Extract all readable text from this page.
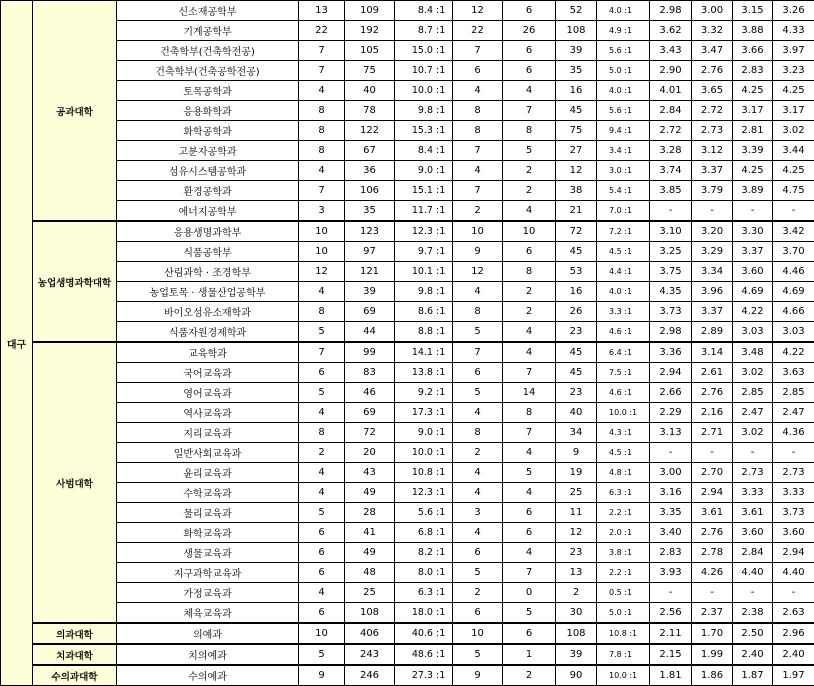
대구	공과대학	신소재공학부	13	109	8.4 :1	12	6	52	4.0 :1	2.98	3.00	3.15	3.26
		기계공학부	22	192	8.7 :1	22	26	108	4.9 :1	3.62	3.32	3.88	4.33
		건축학부(건축학전공)	7	105	15.0 :1	7	6	39	5.6 :1	3.43	3.47	3.66	3.97
		건축학부(건축공학전공)	7	75	10.7 :1	6	6	35	5.0 :1	2.90	2.76	2.83	3.23
		토목공학과	4	40	10.0 :1	4	4	16	4.0 :1	4.01	3.65	4.25	4.25
		응용화학과	8	78	9.8 :1	8	7	45	5.6 :1	2.84	2.72	3.17	3.17
		화학공학과	8	122	15.3 :1	8	8	75	9.4 :1	2.72	2.73	2.81	3.02
		고분자공학과	8	67	8.4 :1	7	5	27	3.4 :1	3.28	3.12	3.39	3.44
		섬유시스템공학과	4	36	9.0 :1	4	2	12	3.0 :1	3.74	3.37	4.25	4.25
		환경공학과	7	106	15.1 :1	7	2	38	5.4 :1	3.85	3.79	3.89	4.75
		에너지공학부	3	35	11.7 :1	2	4	21	7.0 :1	-	-	-	-
	농업생명과학대학	응용생명과학부	10	123	12.3 :1	10	10	72	7.2 :1	3.10	3.20	3.30	3.42
		식품공학부	10	97	9.7 :1	9	6	45	4.5 :1	3.25	3.29	3.37	3.70
		산림과학 · 조경학부	12	121	10.1 :1	12	8	53	4.4 :1	3.75	3.34	3.60	4.46
		농업토목 · 생물산업공학부	4	39	9.8 :1	4	2	16	4.0 :1	4.35	3.96	4.69	4.69
		바이오섬유소재학과	8	69	8.6 :1	8	2	26	3.3 :1	3.73	3.37	4.22	4.66
		식품자원경제학과	5	44	8.8 :1	5	4	23	4.6 :1	2.98	2.89	3.03	3.03
	사범대학	교육학과	7	99	14.1 :1	7	4	45	6.4 :1	3.36	3.14	3.48	4.22
		국어교육과	6	83	13.8 :1	6	7	45	7.5 :1	2.94	2.61	3.02	3.63
		영어교육과	5	46	9.2 :1	5	14	23	4.6 :1	2.66	2.76	2.85	2.85
		역사교육과	4	69	17.3 :1	4	8	40	10.0 :1	2.29	2.16	2.47	2.47
		지리교육과	8	72	9.0 :1	8	7	34	4.3 :1	3.13	2.71	3.02	4.36
		일반사회교육과	2	20	10.0 :1	2	4	9	4.5 :1	-	-	-	-
		윤리교육과	4	43	10.8 :1	4	5	19	4.8 :1	3.00	2.70	2.73	2.73
		수학교육과	4	49	12.3 :1	4	4	25	6.3 :1	3.16	2.94	3.33	3.33
		물리교육과	5	28	5.6 :1	3	6	11	2.2 :1	3.35	3.61	3.61	3.73
		화학교육과	6	41	6.8 :1	4	6	12	2.0 :1	3.40	2.76	3.60	3.60
		생물교육과	6	49	8.2 :1	6	4	23	3.8 :1	2.83	2.78	2.84	2.94
		지구과학교육과	6	48	8.0 :1	5	7	13	2.2 :1	3.93	4.26	4.40	4.40
		가정교육과	4	25	6.3 :1	2	0	2	0.5 :1	-	-	-	-
		체육교육과	6	108	18.0 :1	6	5	30	5.0 :1	2.56	2.37	2.38	2.63
	의과대학	의예과	10	406	40.6 :1	10	6	108	10.8 :1	2.11	1.70	2.50	2.96
	치과대학	치의예과	5	243	48.6 :1	5	1	39	7.8 :1	2.15	1.99	2.40	2.40
	수의과대학	수의예과	9	246	27.3 :1	9	2	90	10.0 :1	1.81	1.86	1.87	1.97
